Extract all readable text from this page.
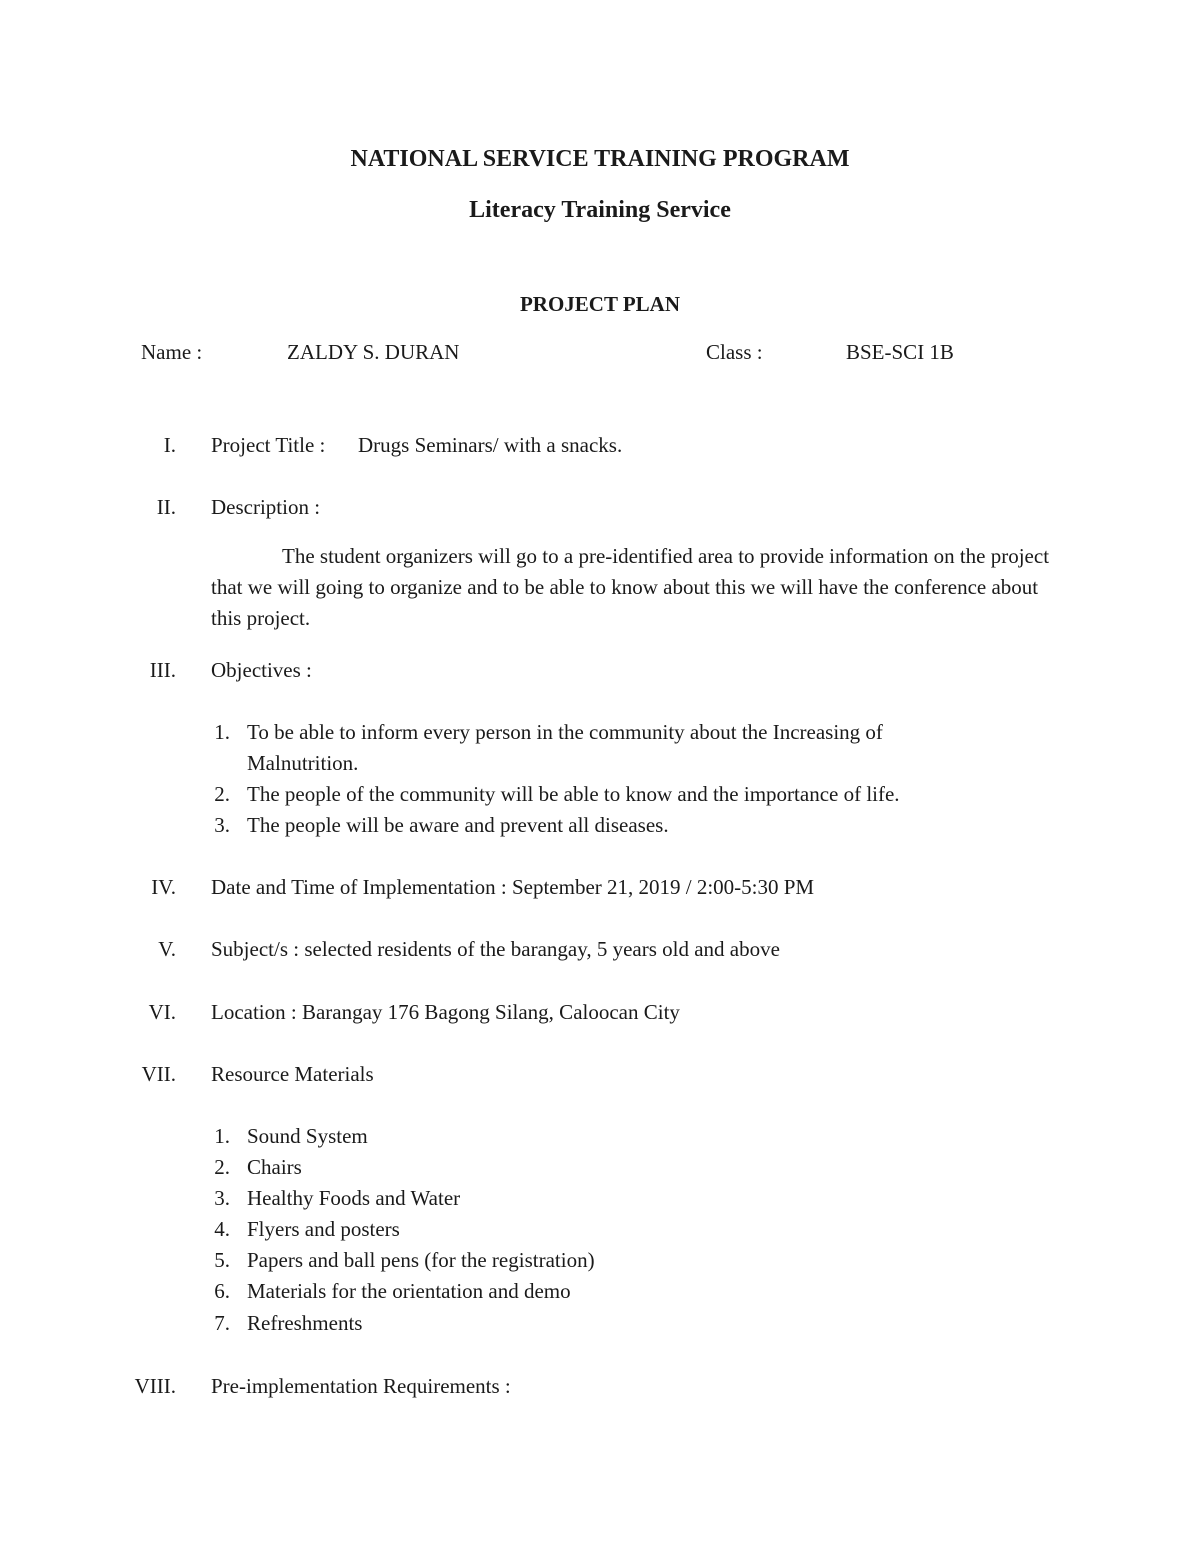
NATIONAL SERVICE TRAINING PROGRAM
Literacy Training Service
PROJECT PLAN
Name :	ZALDY S. DURAN	Class :	BSE-SCI 1B
I. Project Title : Drugs Seminars/ with a snacks.
II. Description :
The student organizers will go to a pre-identified area to provide information on the project that we will going to organize and to be able to know about this we will have the conference about this project.
III. Objectives :
1. To be able to inform every person in the community about the Increasing of
Malnutrition.
2. The people of the community will be able to know and the importance of life.
3. The people will be aware and prevent all diseases.
IV. Date and Time of Implementation : September 21, 2019 / 2:00-5:30 PM
V. Subject/s : selected residents of the barangay, 5 years old and above
VI. Location : Barangay 176 Bagong Silang, Caloocan City
VII. Resource Materials
1. Sound System
2. Chairs
3. Healthy Foods and Water
4. Flyers and posters
5. Papers and ball pens (for the registration)
6. Materials for the orientation and demo
7. Refreshments
VIII. Pre-implementation Requirements :
